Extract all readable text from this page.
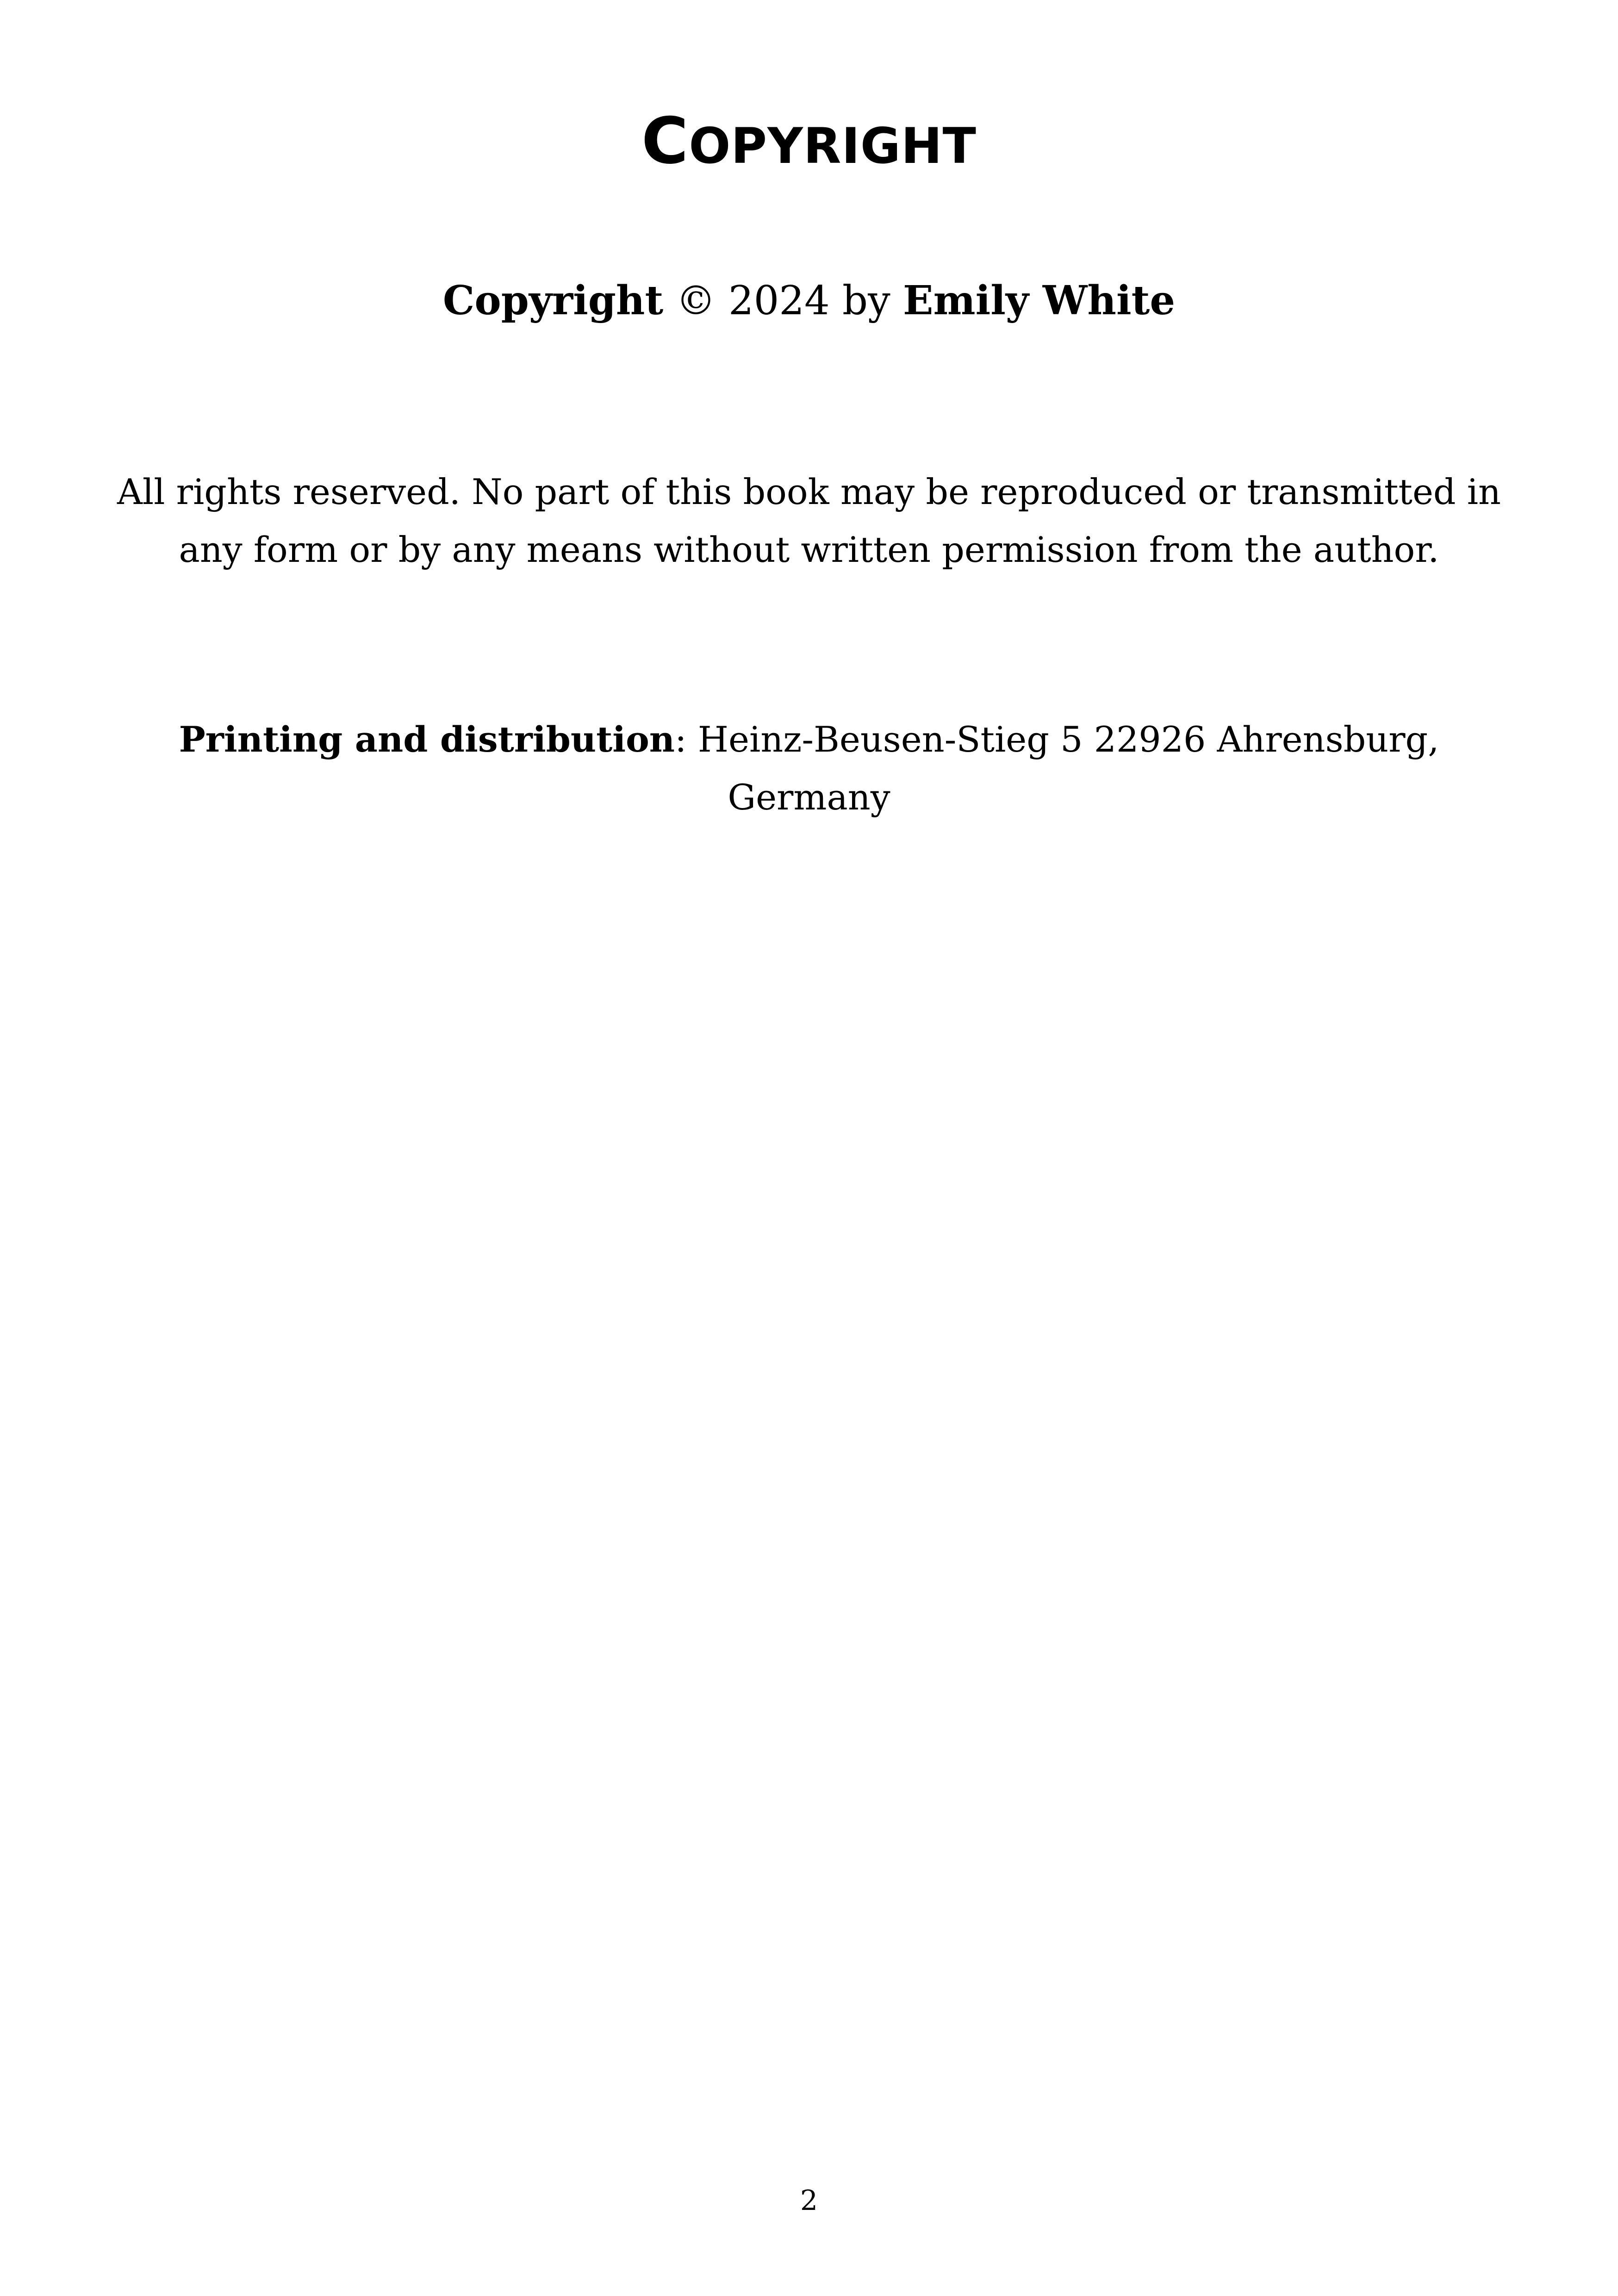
COPYRIGHT
Copyright © 2024 by Emily White
All rights reserved. No part of this book may be reproduced or transmitted in any form or by any means without written permission from the author.
Printing and distribution: Heinz-Beusen-Stieg 5 22926 Ahrensburg, Germany
2
